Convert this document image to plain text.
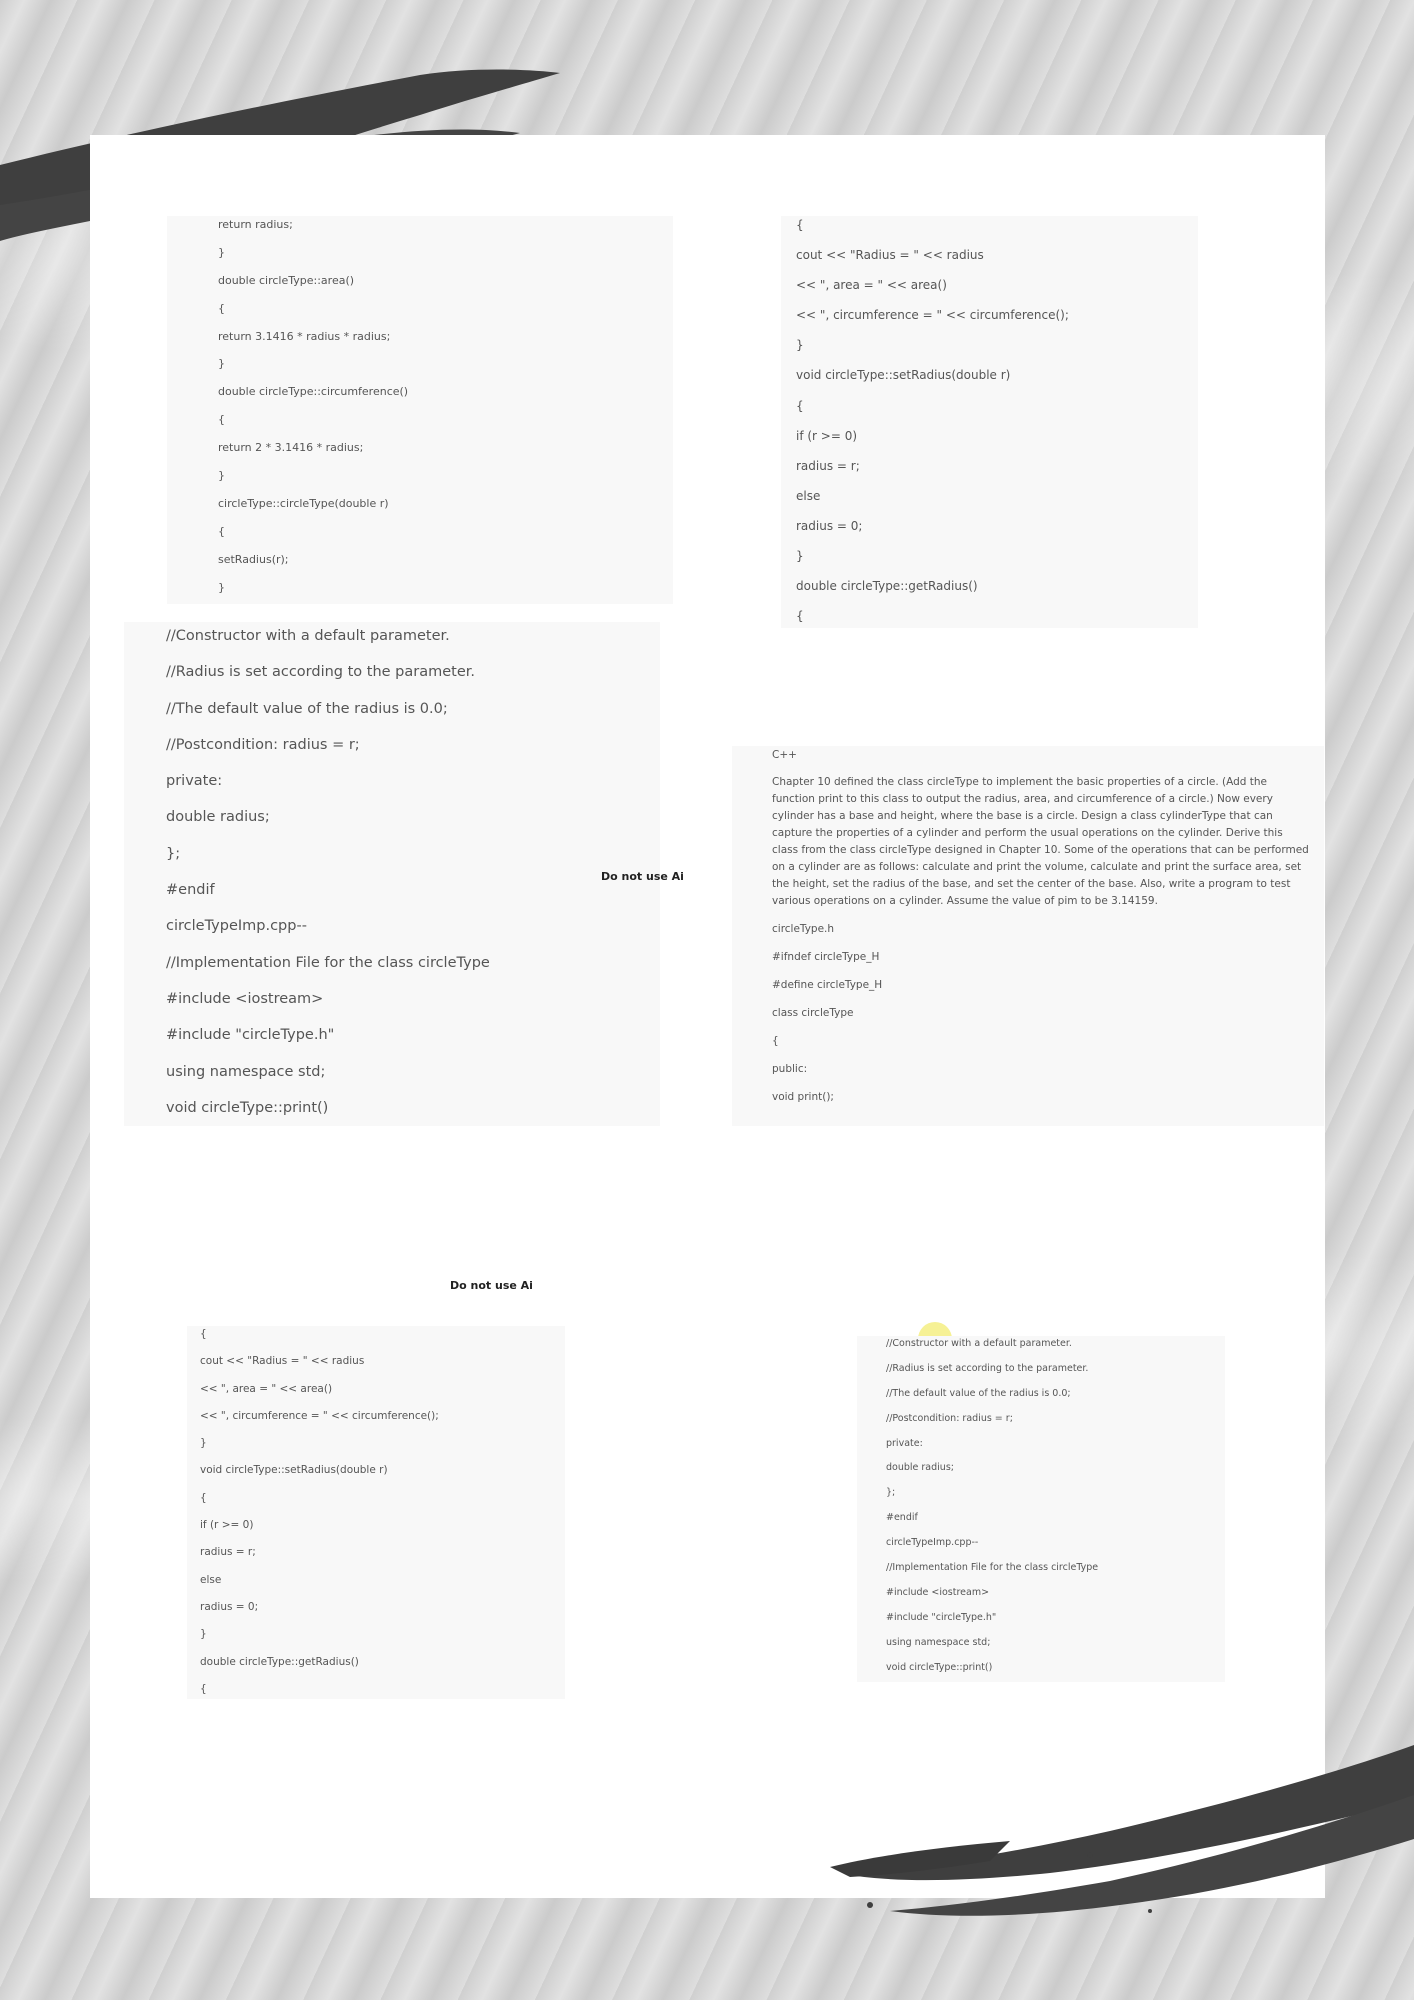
return radius;
}
double circleType::area()
{
return 3.1416 * radius * radius;
}
double circleType::circumference()
{
return 2 * 3.1416 * radius;
}
circleType::circleType(double r)
{
setRadius(r);
}
{
cout << "Radius = " << radius
<< ", area = " << area()
<< ", circumference = " << circumference();
}
void circleType::setRadius(double r)
{
if (r >= 0)
radius = r;
else
radius = 0;
}
double circleType::getRadius()
{
//Constructor with a default parameter.
//Radius is set according to the parameter.
//The default value of the radius is 0.0;
//Postcondition: radius = r;
private:
double radius;
};
#endif
circleTypeImp.cpp--
//Implementation File for the class circleType
#include <iostream>
#include "circleType.h"
using namespace std;
void circleType::print()
Do not use Ai
C++
Chapter 10 defined the class circleType to implement the basic properties of a circle. (Add the function print to this class to output the radius, area, and circumference of a circle.) Now every cylinder has a base and height, where the base is a circle. Design a class cylinderType that can capture the properties of a cylinder and perform the usual operations on the cylinder. Derive this class from the class circleType designed in Chapter 10. Some of the operations that can be performed on a cylinder are as follows: calculate and print the volume, calculate and print the surface area, set the height, set the radius of the base, and set the center of the base. Also, write a program to test various operations on a cylinder. Assume the value of pim to be 3.14159.
circleType.h
#ifndef circleType_H
#define circleType_H
class circleType
{
public:
void print();
Do not use Ai
{
cout << "Radius = " << radius
<< ", area = " << area()
<< ", circumference = " << circumference();
}
void circleType::setRadius(double r)
{
if (r >= 0)
radius = r;
else
radius = 0;
}
double circleType::getRadius()
{
//Constructor with a default parameter.
//Radius is set according to the parameter.
//The default value of the radius is 0.0;
//Postcondition: radius = r;
private:
double radius;
};
#endif
circleTypeImp.cpp--
//Implementation File for the class circleType
#include <iostream>
#include "circleType.h"
using namespace std;
void circleType::print()
